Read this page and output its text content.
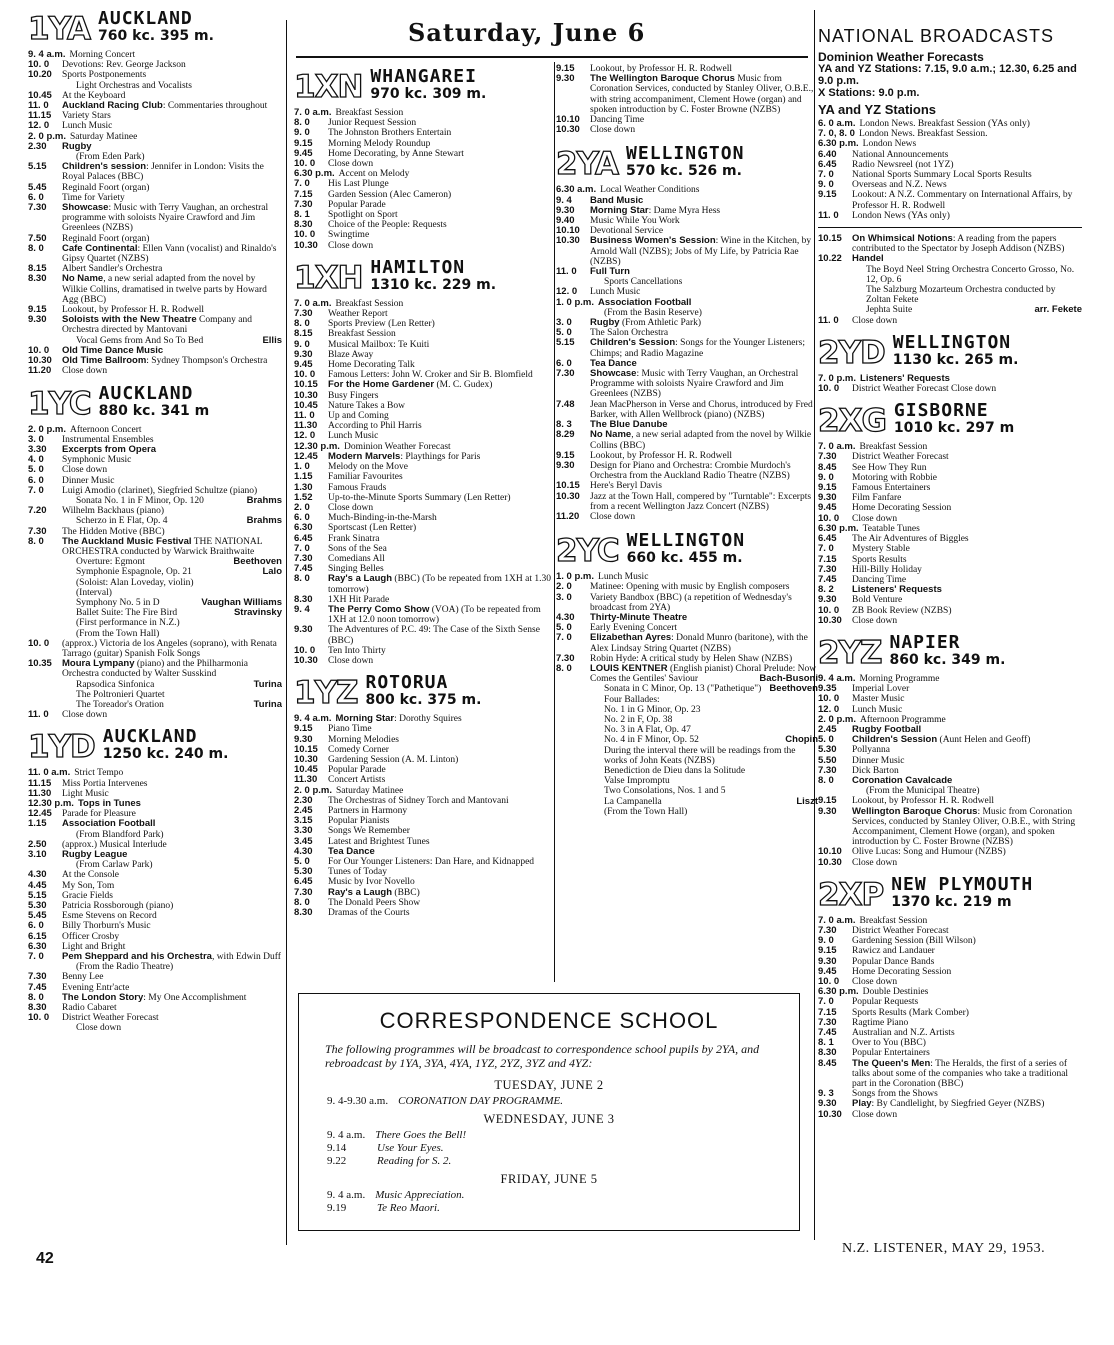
Saturday, June 6
1YA AUCKLAND
760 kc. 395 m.
9. 4 a.m. Morning Concert
10. 0	Devotions: Rev. George Jackson
10.20	Sports Postponements
Light Orchestras and Vocalists
10.45	At the Keyboard
11. 0	Auckland Racing Club: Commentaries throughout
11.15	Variety Stars
12. 0	Lunch Music
2. 0 p.m. Saturday Matinee
2.30	Rugby
(From Eden Park)
5.15	Children's session: Jennifer in London: Visits the Royal Palaces (BBC)
5.45	Reginald Foort (organ)
6. 0	Time for Variety
7.30	Showcase: Music with Terry Vaughan, an orchestral programme with soloists Nyaire Crawford and Jim Greenlees (NZBS)
7.50	Reginald Foort (organ)
8. 0	Cafe Continental: Ellen Vann (vocalist) and Rinaldo's Gipsy Quartet (NZBS)
8.15	Albert Sandler's Orchestra
8.30	No Name, a new serial adapted from the novel by Wilkie Collins, dramatised in twelve parts by Howard Agg (BBC)
9.15	Lookout, by Professor H. R. Rodwell
9.30	Soloists with the New Theatre Company and Orchestra directed by Mantovani
Vocal Gems from And So To Bed	Ellis
10. 0	Old Time Dance Music
10.30	Old Time Ballroom: Sydney Thompson's Orchestra
11.20	Close down
1YC AUCKLAND
880 kc. 341 m
2. 0 p.m. Afternoon Concert
3. 0	Instrumental Ensembles
3.30	Excerpts from Opera
4. 0	Symphonic Music
5. 0	Close down
6. 0	Dinner Music
7. 0	Luigi Amodio (clarinet), Siegfried Schultze (piano)
Sonata No. 1 in F Minor, Op. 120	Brahms
7.20	Wilhelm Backhaus (piano)
Scherzo in E Flat, Op. 4	Brahms
7.30	The Hidden Motive (BBC)
8. 0	The Auckland Music Festival THE NATIONAL ORCHESTRA conducted by Warwick Braithwaite
Overture: Egmont	Beethoven
Symphonie Espagnole, Op. 21	Lalo
(Soloist: Alan Loveday, violin)
(Interval)
Symphony No. 5 in D	Vaughan Williams
Ballet Suite: The Fire Bird	Stravinsky
(First performance in N.Z.)
(From the Town Hall)
10. 0	(approx.) Victoria de los Angeles (soprano), with Renata Tarrago (guitar) Spanish Folk Songs
10.35	Moura Lympany (piano) and the Philharmonia Orchestra conducted by Walter Susskind
Rapsodica Sinfonica	Turina
The Poltronieri Quartet
The Toreador's Oration	Turina
11. 0	Close down
1YD AUCKLAND
1250 kc. 240 m.
11. 0 a.m. Strict Tempo
11.15	Miss Portia Intervenes
11.30	Light Music
12.30 p.m. Tops in Tunes
12.45	Parade for Pleasure
1.15	Association Football
(From Blandford Park)
2.50	(approx.) Musical Interlude
3.10	Rugby League
(From Carlaw Park)
4.30	At the Console
4.45	My Son, Tom
5.15	Gracie Fields
5.30	Patricia Rossborough (piano)
5.45	Esme Stevens on Record
6. 0	Billy Thorburn's Music
6.15	Officer Crosby
6.30	Light and Bright
7. 0	Pem Sheppard and his Orchestra, with Edwin Duff
(From the Radio Theatre)
7.30	Benny Lee
7.45	Evening Entr'acte
8. 0	The London Story: My One Accomplishment
8.30	Radio Cabaret
10. 0	District Weather Forecast
Close down
1XN WHANGAREI
970 kc. 309 m.
7. 0 a.m. Breakfast Session
8. 0	Junior Request Session
9. 0	The Johnston Brothers Entertain
9.15	Morning Melody Roundup
9.45	Home Decorating, by Anne Stewart
10. 0	Close down
6.30 p.m. Accent on Melody
7. 0	His Last Plunge
7.15	Garden Session (Alec Cameron)
7.30	Popular Parade
8. 1	Spotlight on Sport
8.30	Choice of the People: Requests
10. 0	Swingtime
10.30	Close down
1XH HAMILTON
1310 kc. 229 m.
7. 0 a.m. Breakfast Session
7.30	Weather Report
8. 0	Sports Preview (Len Retter)
8.15	Breakfast Session
9. 0	Musical Mailbox: Te Kuiti
9.30	Blaze Away
9.45	Home Decorating Talk
10. 0	Famous Letters: John W. Croker and Sir B. Blomfield
10.15	For the Home Gardener (M. C. Gudex)
10.30	Busy Fingers
10.45	Nature Takes a Bow
11. 0	Up and Coming
11.30	According to Phil Harris
12. 0	Lunch Music
12.30 p.m. Dominion Weather Forecast
12.45	Modern Marvels: Playthings for Paris
1. 0	Melody on the Move
1.15	Familiar Favourites
1.30	Famous Frauds
1.52	Up-to-the-Minute Sports Summary (Len Retter)
2. 0	Close down
6. 0	Much-Binding-in-the-Marsh
6.30	Sportscast (Len Retter)
6.45	Frank Sinatra
7. 0	Sons of the Sea
7.30	Comedians All
7.45	Singing Belles
8. 0	Ray's a Laugh (BBC) (To be repeated from 1XH at 1.30 tomorrow)
8.30	1XH Hit Parade
9. 4	The Perry Como Show (VOA) (To be repeated from 1XH at 12.0 noon tomorrow)
9.30	The Adventures of P.C. 49: The Case of the Sixth Sense (BBC)
10. 0	Ten Into Thirty
10.30	Close down
1YZ ROTORUA
800 kc. 375 m.
9. 4 a.m. Morning Star: Dorothy Squires
9.15	Piano Time
9.30	Morning Melodies
10.15	Comedy Corner
10.30	Gardening Session (A. M. Linton)
10.45	Popular Parade
11.30	Concert Artists
2. 0 p.m. Saturday Matinee
2.30	The Orchestras of Sidney Torch and Mantovani
2.45	Partners in Harmony
3.15	Popular Pianists
3.30	Songs We Remember
3.45	Latest and Brightest Tunes
4.30	Tea Dance
5. 0	For Our Younger Listeners: Dan Hare, and Kidnapped
5.30	Tunes of Today
6.45	Music by Ivor Novello
7.30	Ray's a Laugh (BBC)
8. 0	The Donald Peers Show
8.30	Dramas of the Courts
9.15	Lookout, by Professor H. R. Rodwell
9.30	The Wellington Baroque Chorus Music from Coronation Services, conducted by Stanley Oliver, O.B.E., with string accompaniment, Clement Howe (organ) and spoken introduction by C. Foster Browne (NZBS)
10.10	Dancing Time
10.30	Close down
2YA WELLINGTON
570 kc. 526 m.
6.30 a.m. Local Weather Conditions
9. 4	Band Music
9.30	Morning Star: Dame Myra Hess
9.40	Music While You Work
10.10	Devotional Service
10.30	Business Women's Session: Wine in the Kitchen, by Arnold Wall (NZBS); Jobs of My Life, by Patricia Rae (NZBS)
11. 0	Full Turn
Sports Cancellations
12. 0	Lunch Music
1. 0 p.m. Association Football
(From the Basin Reserve)
3. 0	Rugby (From Athletic Park)
5. 0	The Salon Orchestra
5.15	Children's Session: Songs for the Younger Listeners; Chimps; and Radio Magazine
6. 0	Tea Dance
7.30	Showcase: Music with Terry Vaughan, an Orchestral Programme with soloists Nyaire Crawford and Jim Greenlees (NZBS)
7.48	Jean MacPherson in Verse and Chorus, introduced by Fred Barker, with Allen Wellbrock (piano) (NZBS)
8. 3	The Blue Danube
8.29	No Name, a new serial adapted from the novel by Wilkie Collins (BBC)
9.15	Lookout, by Professor H. R. Rodwell
9.30	Design for Piano and Orchestra: Crombie Murdoch's Orchestra from the Auckland Radio Theatre (NZBS)
10.15	Here's Beryl Davis
10.30	Jazz at the Town Hall, compered by "Turntable": Excerpts from a recent Wellington Jazz Concert (NZBS)
11.20	Close down
2YC WELLINGTON
660 kc. 455 m.
1. 0 p.m. Lunch Music
2. 0	Matinee: Opening with music by English composers
3. 0	Variety Bandbox (BBC) (a repetition of Wednesday's broadcast from 2YA)
4.30	Thirty-Minute Theatre
5. 0	Early Evening Concert
7. 0	Elizabethan Ayres: Donald Munro (baritone), with the Alex Lindsay String Quartet (NZBS)
7.30	Robin Hyde: A critical study by Helen Shaw (NZBS)
8. 0	LOUIS KENTNER (English pianist) Choral Prelude: Now Comes the Gentiles' Saviour	Bach-Busoni
Sonata in C Minor, Op. 13 ("Pathetique") Beethoven
Four Ballades:
No. 1 in G Minor, Op. 23
No. 2 in F, Op. 38
No. 3 in A Flat, Op. 47
No. 4 in F Minor, Op. 52	Chopin
During the interval there will be readings from the works of John Keats (NZBS)
Benediction de Dieu dans la Solitude
Valse Impromptu
Two Consolations, Nos. 1 and 5
La Campanella	Liszt
(From the Town Hall)
NATIONAL BROADCASTS
Dominion Weather Forecasts
YA and YZ Stations: 7.15, 9.0 a.m.; 12.30, 6.25 and 9.0 p.m.
X Stations: 9.0 p.m.
YA and YZ Stations
6. 0 a.m. London News. Breakfast Session (YAs only)
7. 0, 8. 0 London News. Breakfast Session.
6.30 p.m. London News
6.40	National Announcements
6.45	Radio Newsreel (not 1YZ)
7. 0	National Sports Summary Local Sports Results
9. 0	Overseas and N.Z. News
9.15	Lookout: A N.Z. Commentary on International Affairs, by Professor H. R. Rodwell
11. 0	London News (YAs only)
10.15	On Whimsical Notions: A reading from the papers contributed to the Spectator by Joseph Addison (NZBS)
10.22	Handel
The Boyd Neel String Orchestra Concerto Grosso, No. 12, Op. 6
The Salzburg Mozarteum Orchestra conducted by Zoltan Fekete
Jephta Suite	arr. Fekete
11. 0	Close down
2YD WELLINGTON
1130 kc. 265 m.
7. 0 p.m. Listeners' Requests
10. 0	District Weather Forecast Close down
2XG GISBORNE
1010 kc. 297 m
7. 0 a.m. Breakfast Session
7.30	District Weather Forecast
8.45	See How They Run
9. 0	Motoring with Robbie
9.15	Famous Entertainers
9.30	Film Fanfare
9.45	Home Decorating Session
10. 0	Close down
6.30 p.m. Teatable Tunes
6.45	The Air Adventures of Biggles
7. 0	Mystery Stable
7.15	Sports Results
7.30	Hill-Billy Holiday
7.45	Dancing Time
8. 2	Listeners' Requests
9.30	Bold Venture
10. 0	ZB Book Review (NZBS)
10.30	Close down
2YZ NAPIER
860 kc. 349 m.
9. 4 a.m. Morning Programme
9.35	Imperial Lover
10. 0	Master Music
12. 0	Lunch Music
2. 0 p.m. Afternoon Programme
2.45	Rugby Football
5. 0	Children's Session (Aunt Helen and Geoff)
5.30	Pollyanna
5.50	Dinner Music
7.30	Dick Barton
8. 0	Coronation Cavalcade
(From the Municipal Theatre)
9.15	Lookout, by Professor H. R. Rodwell
9.30	Wellington Baroque Chorus: Music from Coronation Services, conducted by Stanley Oliver, O.B.E., with String Accompaniment, Clement Howe (organ), and spoken introduction by C. Foster Browne (NZBS)
10.10	Olive Lucas: Song and Humour (NZBS)
10.30	Close down
2XP NEW PLYMOUTH
1370 kc. 219 m
7. 0 a.m. Breakfast Session
7.30	District Weather Forecast
9. 0	Gardening Session (Bill Wilson)
9.15	Rawicz and Landauer
9.30	Popular Dance Bands
9.45	Home Decorating Session
10. 0	Close down
6.30 p.m. Double Destinies
7. 0	Popular Requests
7.15	Sports Results (Mark Comber)
7.30	Ragtime Piano
7.45	Australian and N.Z. Artists
8. 1	Over to You (BBC)
8.30	Popular Entertainers
8.45	The Queen's Men: The Heralds, the first of a series of talks about some of the companies who take a traditional part in the Coronation (BBC)
9. 3	Songs from the Shows
9.30	Play: By Candlelight, by Siegfried Geyer (NZBS)
10.30	Close down
CORRESPONDENCE SCHOOL
The following programmes will be broadcast to correspondence school pupils by 2YA, and rebroadcast by 1YA, 3YA, 4YA, 1YZ, 2YZ, 3YZ and 4YZ:
TUESDAY, JUNE 2
9. 4-9.30 a.m. CORONATION DAY PROGRAMME.
WEDNESDAY, JUNE 3
9. 4 a.m. There Goes the Bell!
9.14	Use Your Eyes.
9.22	Reading for S. 2.
FRIDAY, JUNE 5
9. 4 a.m. Music Appreciation.
9.19	Te Reo Maori.
42
N.Z. LISTENER, MAY 29, 1953.
